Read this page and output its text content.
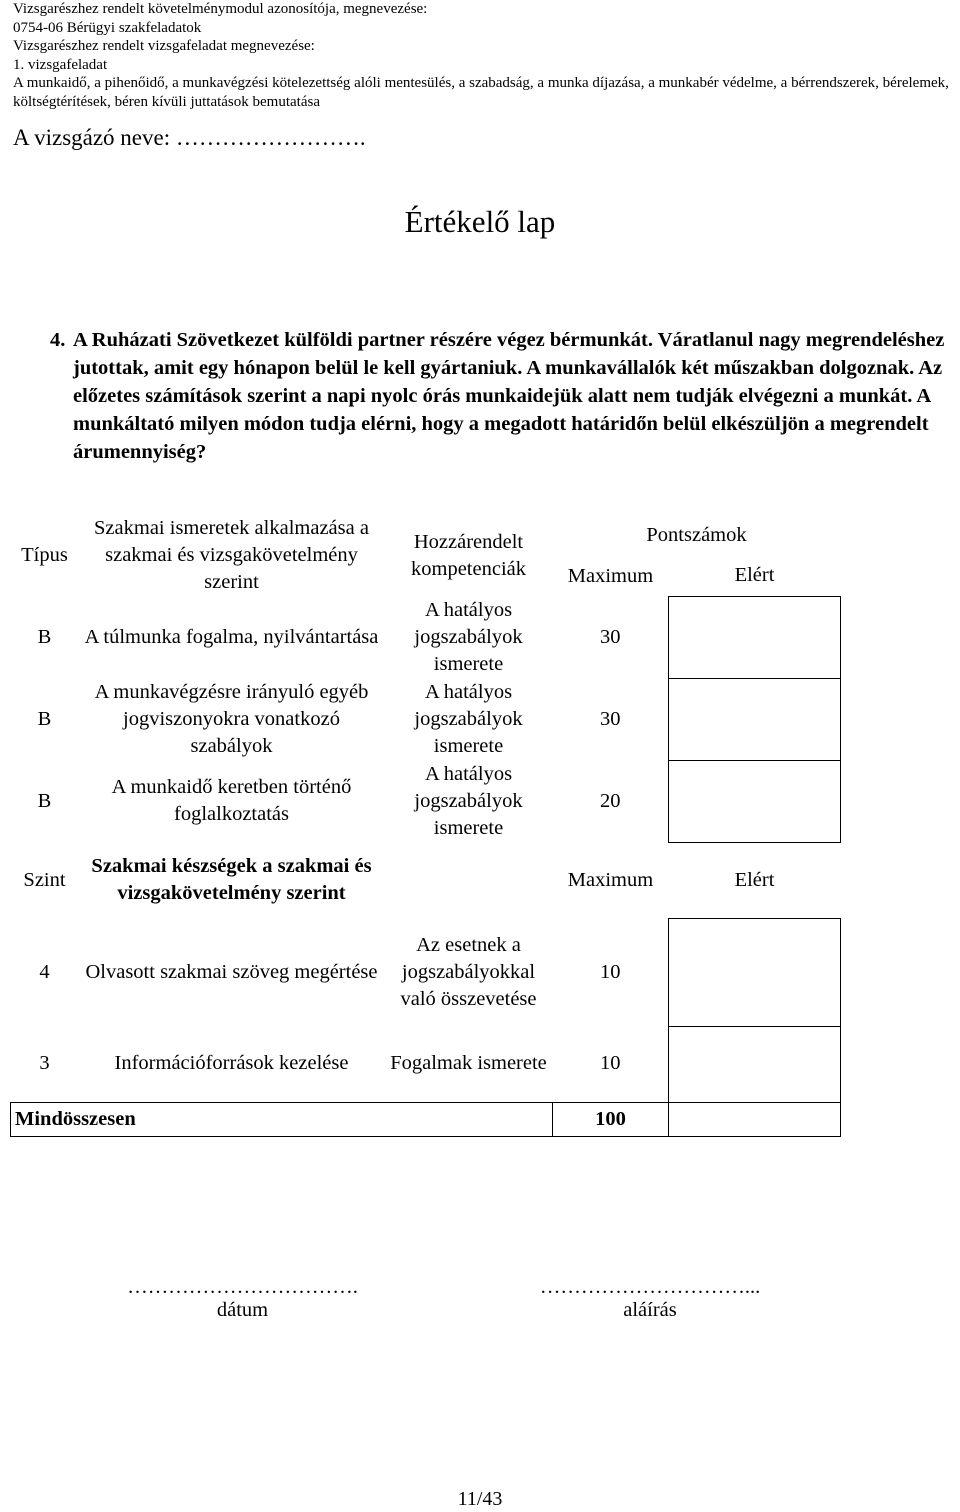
Vizsgarészhez rendelt követelménymodul azonosítója, megnevezése:
0754-06 Bérügyi szakfeladatok
Vizsgarészhez rendelt vizsgafeladat megnevezése:
1. vizsgafeladat
A munkaidő, a pihenőidő, a munkavégzési kötelezettség alóli mentesülés, a szabadság, a munka díjazása, a munkabér védelme, a bérrendszerek, bérelemek, költségtérítések, béren kívüli juttatások bemutatása
A vizsgázó neve: …………………….
Értékelő lap
4. A Ruházati Szövetkezet külföldi partner részére végez bérmunkát. Váratlanul nagy megrendeléshez jutottak, amit egy hónapon belül le kell gyártaniuk. A munkavállalók két műszakban dolgoznak. Az előzetes számítások szerint a napi nyolc órás munkaidejük alatt nem tudják elvégezni a munkát. A munkáltató milyen módon tudja elérni, hogy a megadott határidőn belül elkészüljön a megrendelt árumennyiség?
Típus	Szakmai ismeretek alkalmazása a szakmai és vizsgakövetelmény szerint	Hozzárendelt kompetenciák	Pontszámok	
			Maximum	Elért
B	A túlmunka fogalma, nyilvántartása	A hatályos jogszabályok ismerete	30	
B	A munkavégzésre irányuló egyéb jogviszonyokra vonatkozó szabályok	A hatályos jogszabályok ismerete	30	
B	A munkaidő keretben történő foglalkoztatás	A hatályos jogszabályok ismerete	20	
Szint	Szakmai készségek a szakmai és vizsgakövetelmény szerint		Maximum	Elért
4	Olvasott szakmai szöveg megértése	Az esetnek a jogszabályokkal való összevetése	10	
3	Információforrások kezelése	Fogalmak ismerete	10	
Mindösszesen			100	
…………………………….
dátum
…………………………...
aláírás
11/43
